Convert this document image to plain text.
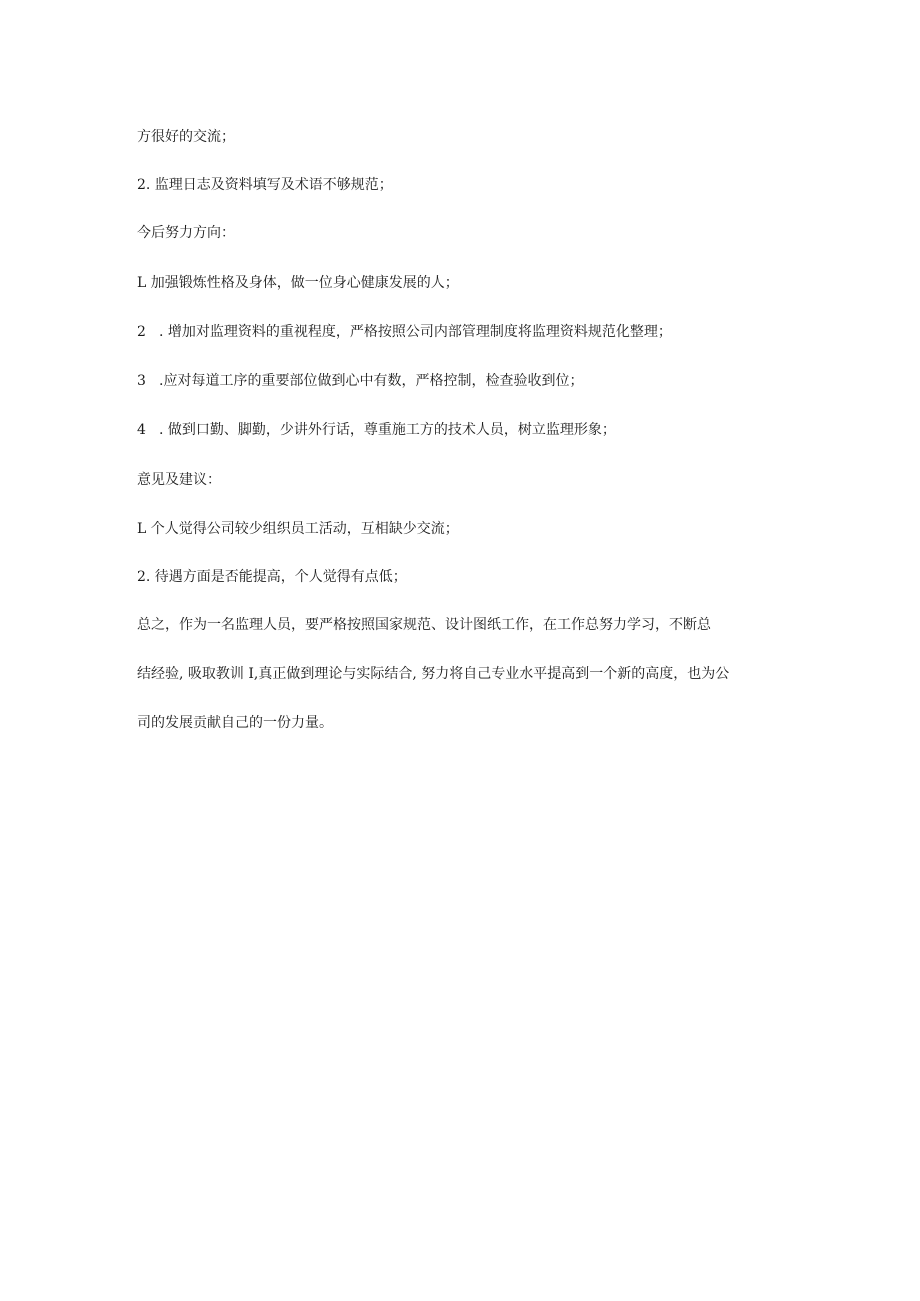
方很好的交流；
2. 监理日志及资料填写及术语不够规范；
今后努力方向：
L 加强锻炼性格及身体，做一位身心健康发展的人；
2 . 增加对监理资料的重视程度，严格按照公司内部管理制度将监理资料规范化整理；
3 .应对每道工序的重要部位做到心中有数，严格控制，检查验收到位；
4 . 做到口勤、脚勤，少讲外行话，尊重施工方的技术人员，树立监理形象；
意见及建议：
L 个人觉得公司较少组织员工活动，互相缺少交流；
2. 待遇方面是否能提高，个人觉得有点低；
总之，作为一名监理人员，要严格按照国家规范、设计图纸工作，在工作总努力学习，不断总
结经验, 吸取教训 I,真正做到理论与实际结合, 努力将自己专业水平提高到一个新的高度，也为公
司的发展贡献自己的一份力量。
